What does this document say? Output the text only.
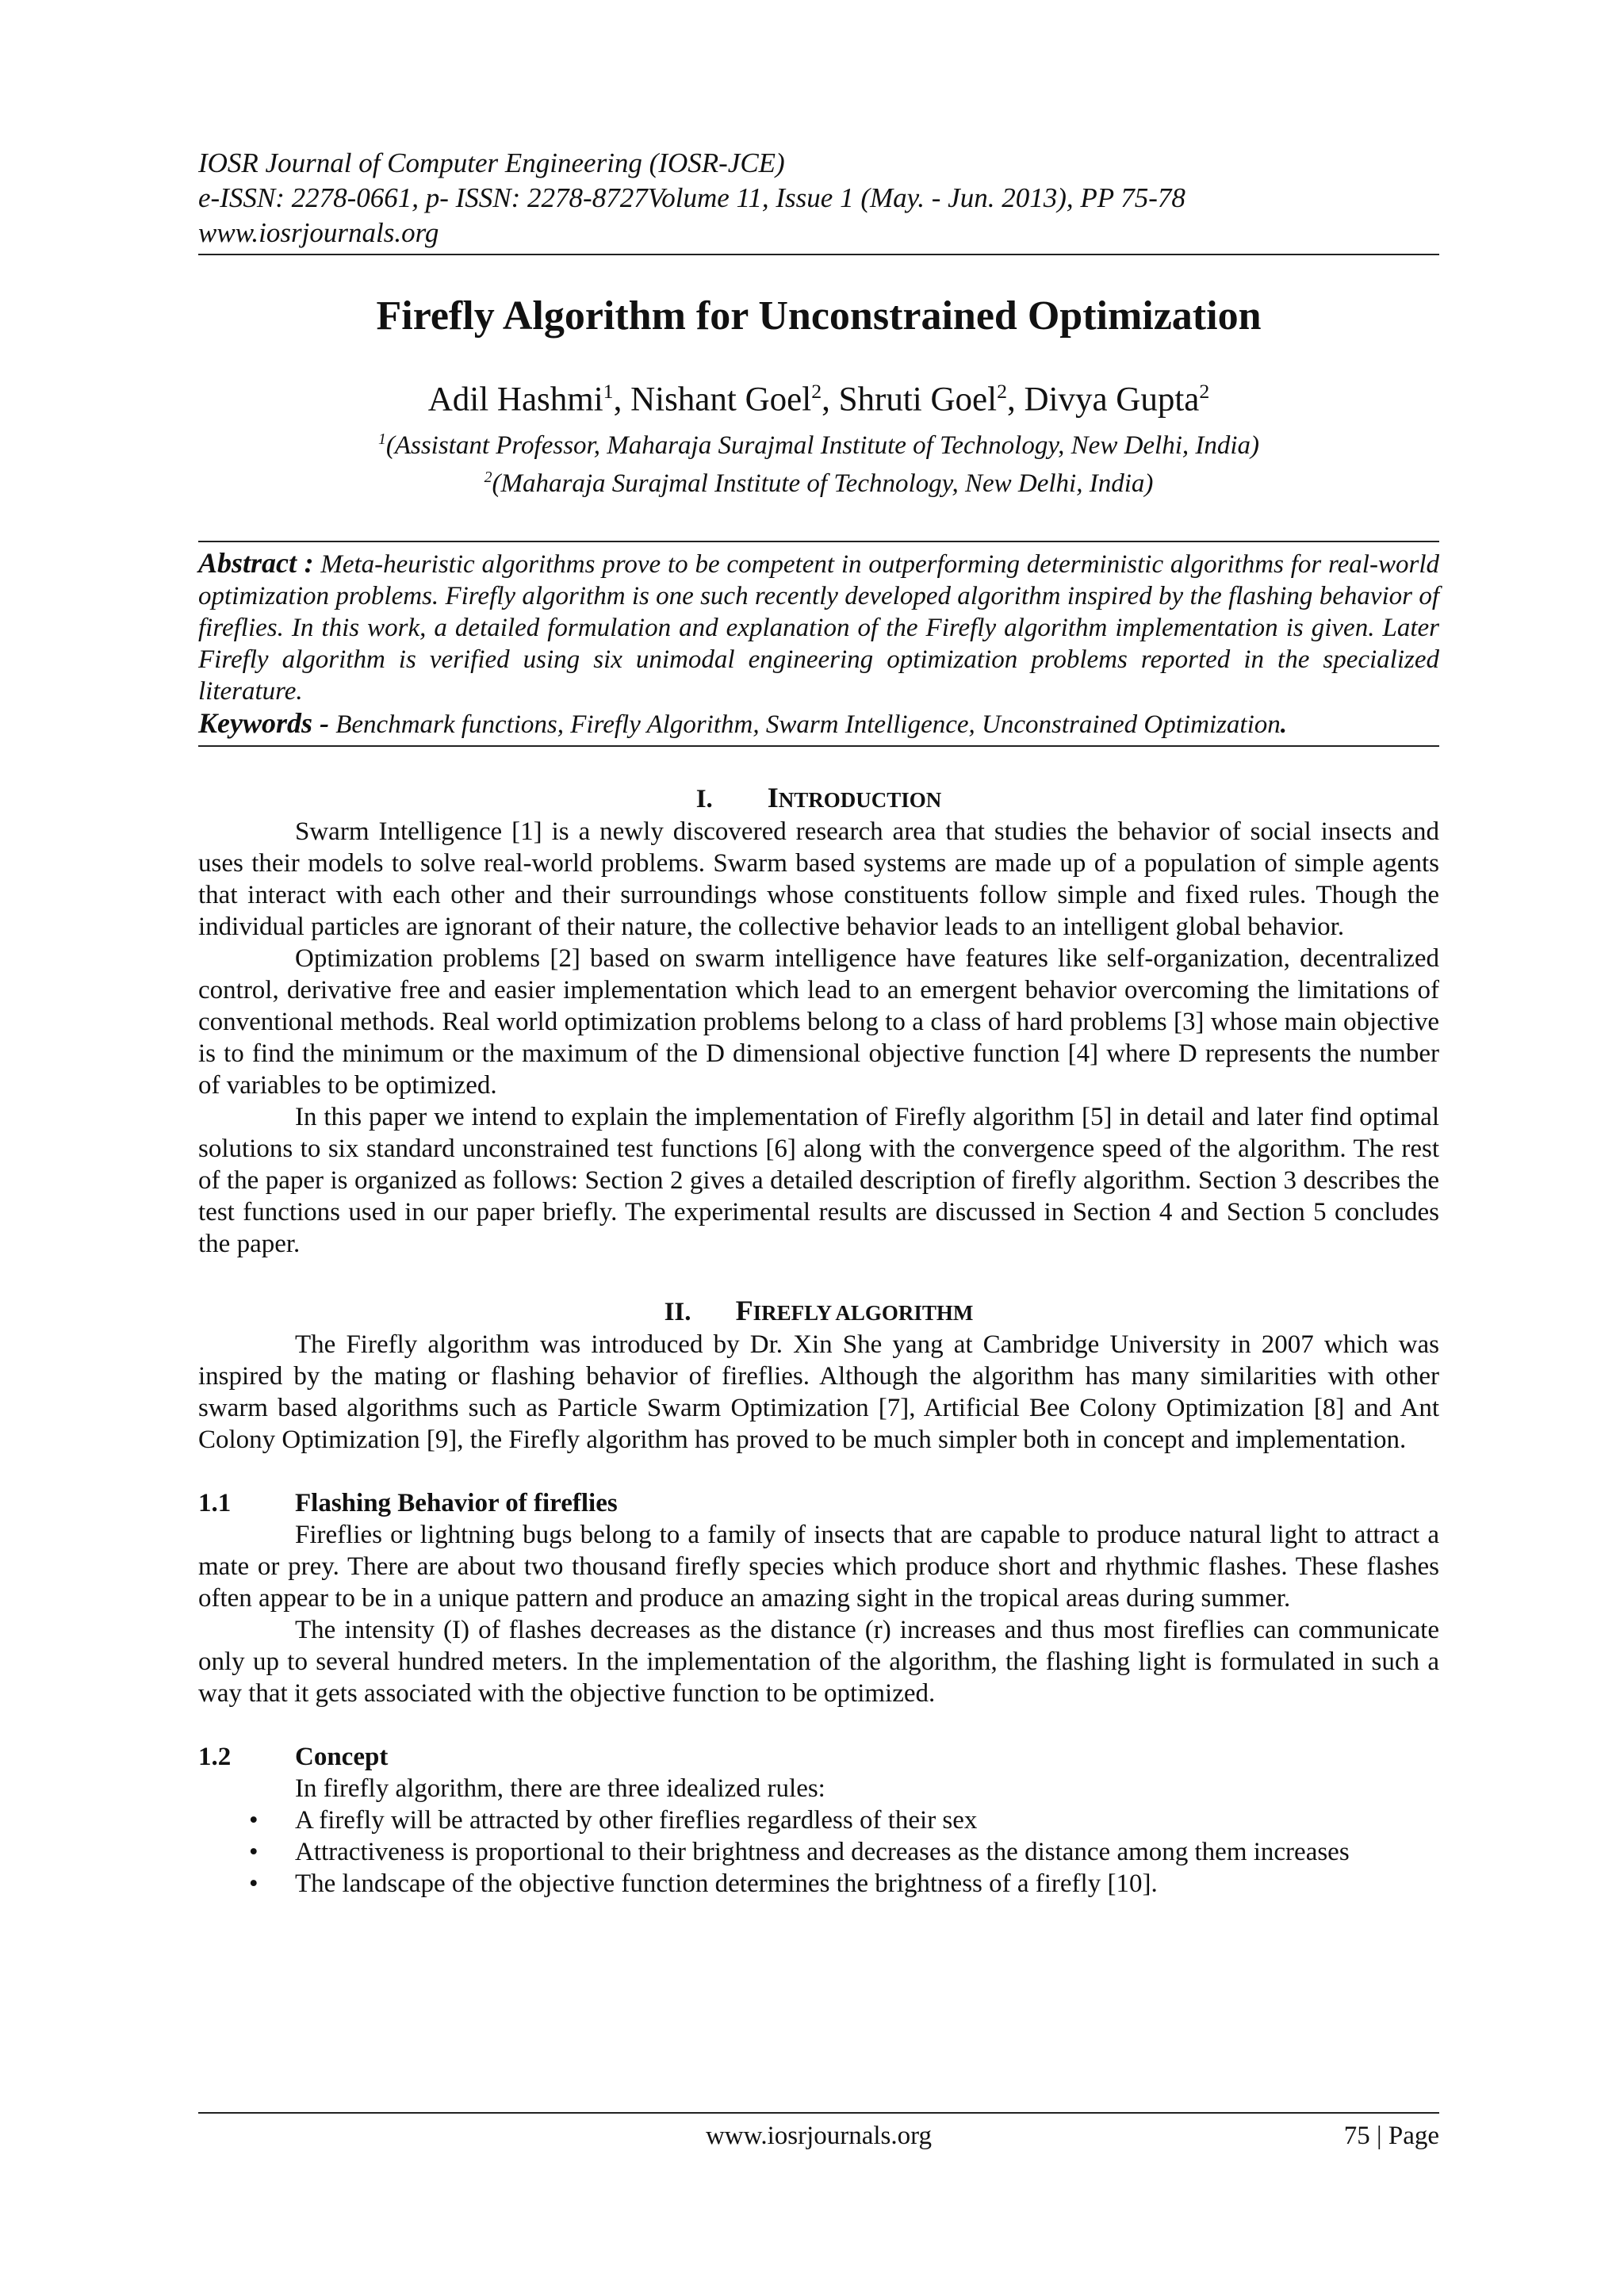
IOSR Journal of Computer Engineering (IOSR-JCE)
e-ISSN: 2278-0661, p- ISSN: 2278-8727Volume 11, Issue 1 (May. - Jun. 2013), PP 75-78
www.iosrjournals.org
Firefly Algorithm for Unconstrained Optimization
Adil Hashmi$^1$, Nishant Goel$^2$, Shruti Goel$^2$, Divya Gupta$^2$
$^1$(Assistant Professor, Maharaja Surajmal Institute of Technology, New Delhi, India)
$^2$(Maharaja Surajmal Institute of Technology, New Delhi, India)

Abstract : Meta-heuristic algorithms prove to be competent in outperforming deterministic algorithms for real-world optimization problems. Firefly algorithm is one such recently developed algorithm inspired by the flashing behavior of fireflies. In this work, a detailed formulation and explanation of the Firefly algorithm implementation is given. Later Firefly algorithm is verified using six unimodal engineering optimization problems reported in the specialized literature.

Keywords - Benchmark functions, Firefly Algorithm, Swarm Intelligence, Unconstrained Optimization.

I. INTRODUCTION

Swarm Intelligence [1] is a newly discovered research area that studies the behavior of social insects and uses their models to solve real-world problems. Swarm based systems are made up of a population of simple agents that interact with each other and their surroundings whose constituents follow simple and fixed rules. Though the individual particles are ignorant of their nature, the collective behavior leads to an intelligent global behavior.

Optimization problems [2] based on swarm intelligence have features like self-organization, decentralized control, derivative free and easier implementation which lead to an emergent behavior overcoming the limitations of conventional methods. Real world optimization problems belong to a class of hard problems [3] whose main objective is to find the minimum or the maximum of the D dimensional objective function [4] where D represents the number of variables to be optimized.

In this paper we intend to explain the implementation of Firefly algorithm [5] in detail and later find optimal solutions to six standard unconstrained test functions [6] along with the convergence speed of the algorithm. The rest of the paper is organized as follows: Section 2 gives a detailed description of firefly algorithm. Section 3 describes the test functions used in our paper briefly. The experimental results are discussed in Section 4 and Section 5 concludes the paper.

II. FIREFLY ALGORITHM

The Firefly algorithm was introduced by Dr. Xin She yang at Cambridge University in 2007 which was inspired by the mating or flashing behavior of fireflies. Although the algorithm has many similarities with other swarm based algorithms such as Particle Swarm Optimization [7], Artificial Bee Colony Optimization [8] and Ant Colony Optimization [9], the Firefly algorithm has proved to be much simpler both in concept and implementation.

1.1 Flashing Behavior of fireflies

Fireflies or lightning bugs belong to a family of insects that are capable to produce natural light to attract a mate or prey. There are about two thousand firefly species which produce short and rhythmic flashes. These flashes often appear to be in a unique pattern and produce an amazing sight in the tropical areas during summer.

The intensity (I) of flashes decreases as the distance (r) increases and thus most fireflies can communicate only up to several hundred meters. In the implementation of the algorithm, the flashing light is formulated in such a way that it gets associated with the objective function to be optimized.

1.2 Concept

In firefly algorithm, there are three idealized rules:

• A firefly will be attracted by other fireflies regardless of their sex
• Attractiveness is proportional to their brightness and decreases as the distance among them increases
• The landscape of the objective function determines the brightness of a firefly [10].
www.iosrjournals.org	75 | Page
